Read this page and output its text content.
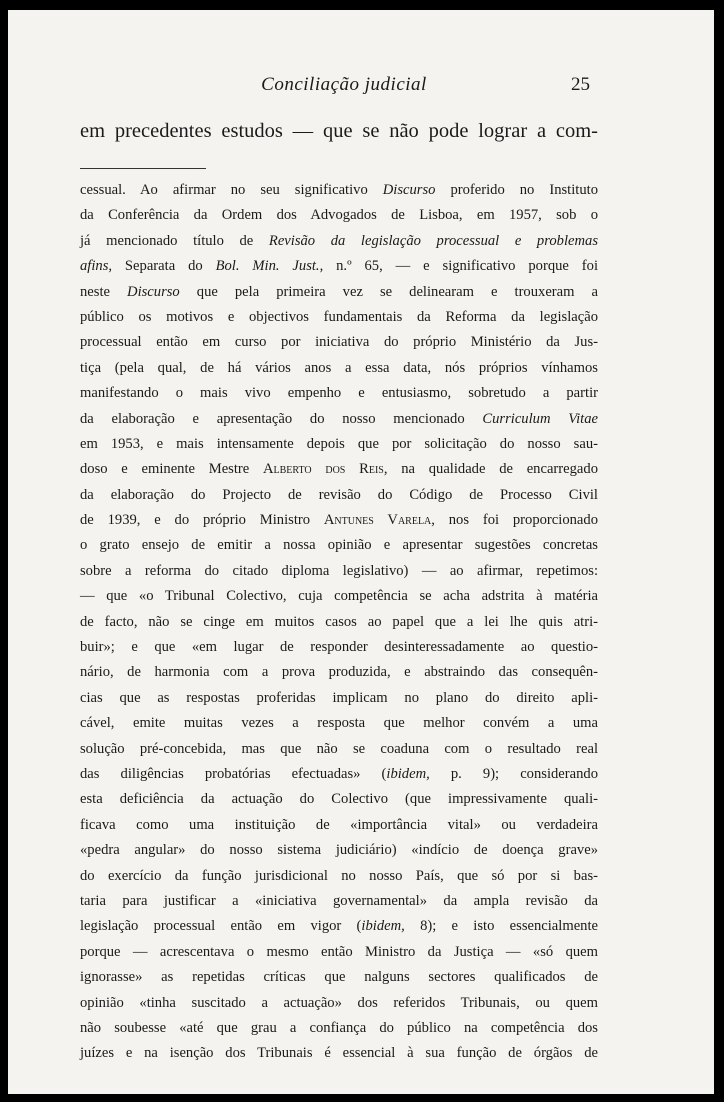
Conciliação judicial	25
em precedentes estudos — que se não pode lograr a com-
cessual. Ao afirmar no seu significativo Discurso proferido no Instituto
da Conferência da Ordem dos Advogados de Lisboa, em 1957, sob o
já mencionado título de Revisão da legislação processual e problemas
afins, Separata do Bol. Min. Just., n.º 65, — e significativo porque foi
neste Discurso que pela primeira vez se delinearam e trouxeram a
público os motivos e objectivos fundamentais da Reforma da legislação
processual então em curso por iniciativa do próprio Ministério da Jus-
tiça (pela qual, de há vários anos a essa data, nós próprios vínhamos
manifestando o mais vivo empenho e entusiasmo, sobretudo a partir
da elaboração e apresentação do nosso mencionado Curriculum Vitae
em 1953, e mais intensamente depois que por solicitação do nosso sau-
doso e eminente Mestre Alberto dos Reis, na qualidade de encarregado
da elaboração do Projecto de revisão do Código de Processo Civil
de 1939, e do próprio Ministro Antunes Varela, nos foi proporcionado
o grato ensejo de emitir a nossa opinião e apresentar sugestões concretas
sobre a reforma do citado diploma legislativo) — ao afirmar, repetimos:
— que «o Tribunal Colectivo, cuja competência se acha adstrita à matéria
de facto, não se cinge em muitos casos ao papel que a lei lhe quis atri-
buir»; e que «em lugar de responder desinteressadamente ao questio-
nário, de harmonia com a prova produzida, e abstraindo das consequên-
cias que as respostas proferidas implicam no plano do direito apli-
cável, emite muitas vezes a resposta que melhor convém a uma
solução pré-concebida, mas que não se coaduna com o resultado real
das diligências probatórias efectuadas» (ibidem, p. 9); considerando
esta deficiência da actuação do Colectivo (que impressivamente quali-
ficava como uma instituição de «importância vital» ou verdadeira
«pedra angular» do nosso sistema judiciário) «indício de doença grave»
do exercício da função jurisdicional no nosso País, que só por si bas-
taria para justificar a «iniciativa governamental» da ampla revisão da
legislação processual então em vigor (ibidem, 8); e isto essencialmente
porque — acrescentava o mesmo então Ministro da Justiça — «só quem
ignorasse» as repetidas críticas que nalguns sectores qualificados de
opinião «tinha suscitado a actuação» dos referidos Tribunais, ou quem
não soubesse «até que grau a confiança do público na competência dos
juízes e na isenção dos Tribunais é essencial à sua função de órgãos de
